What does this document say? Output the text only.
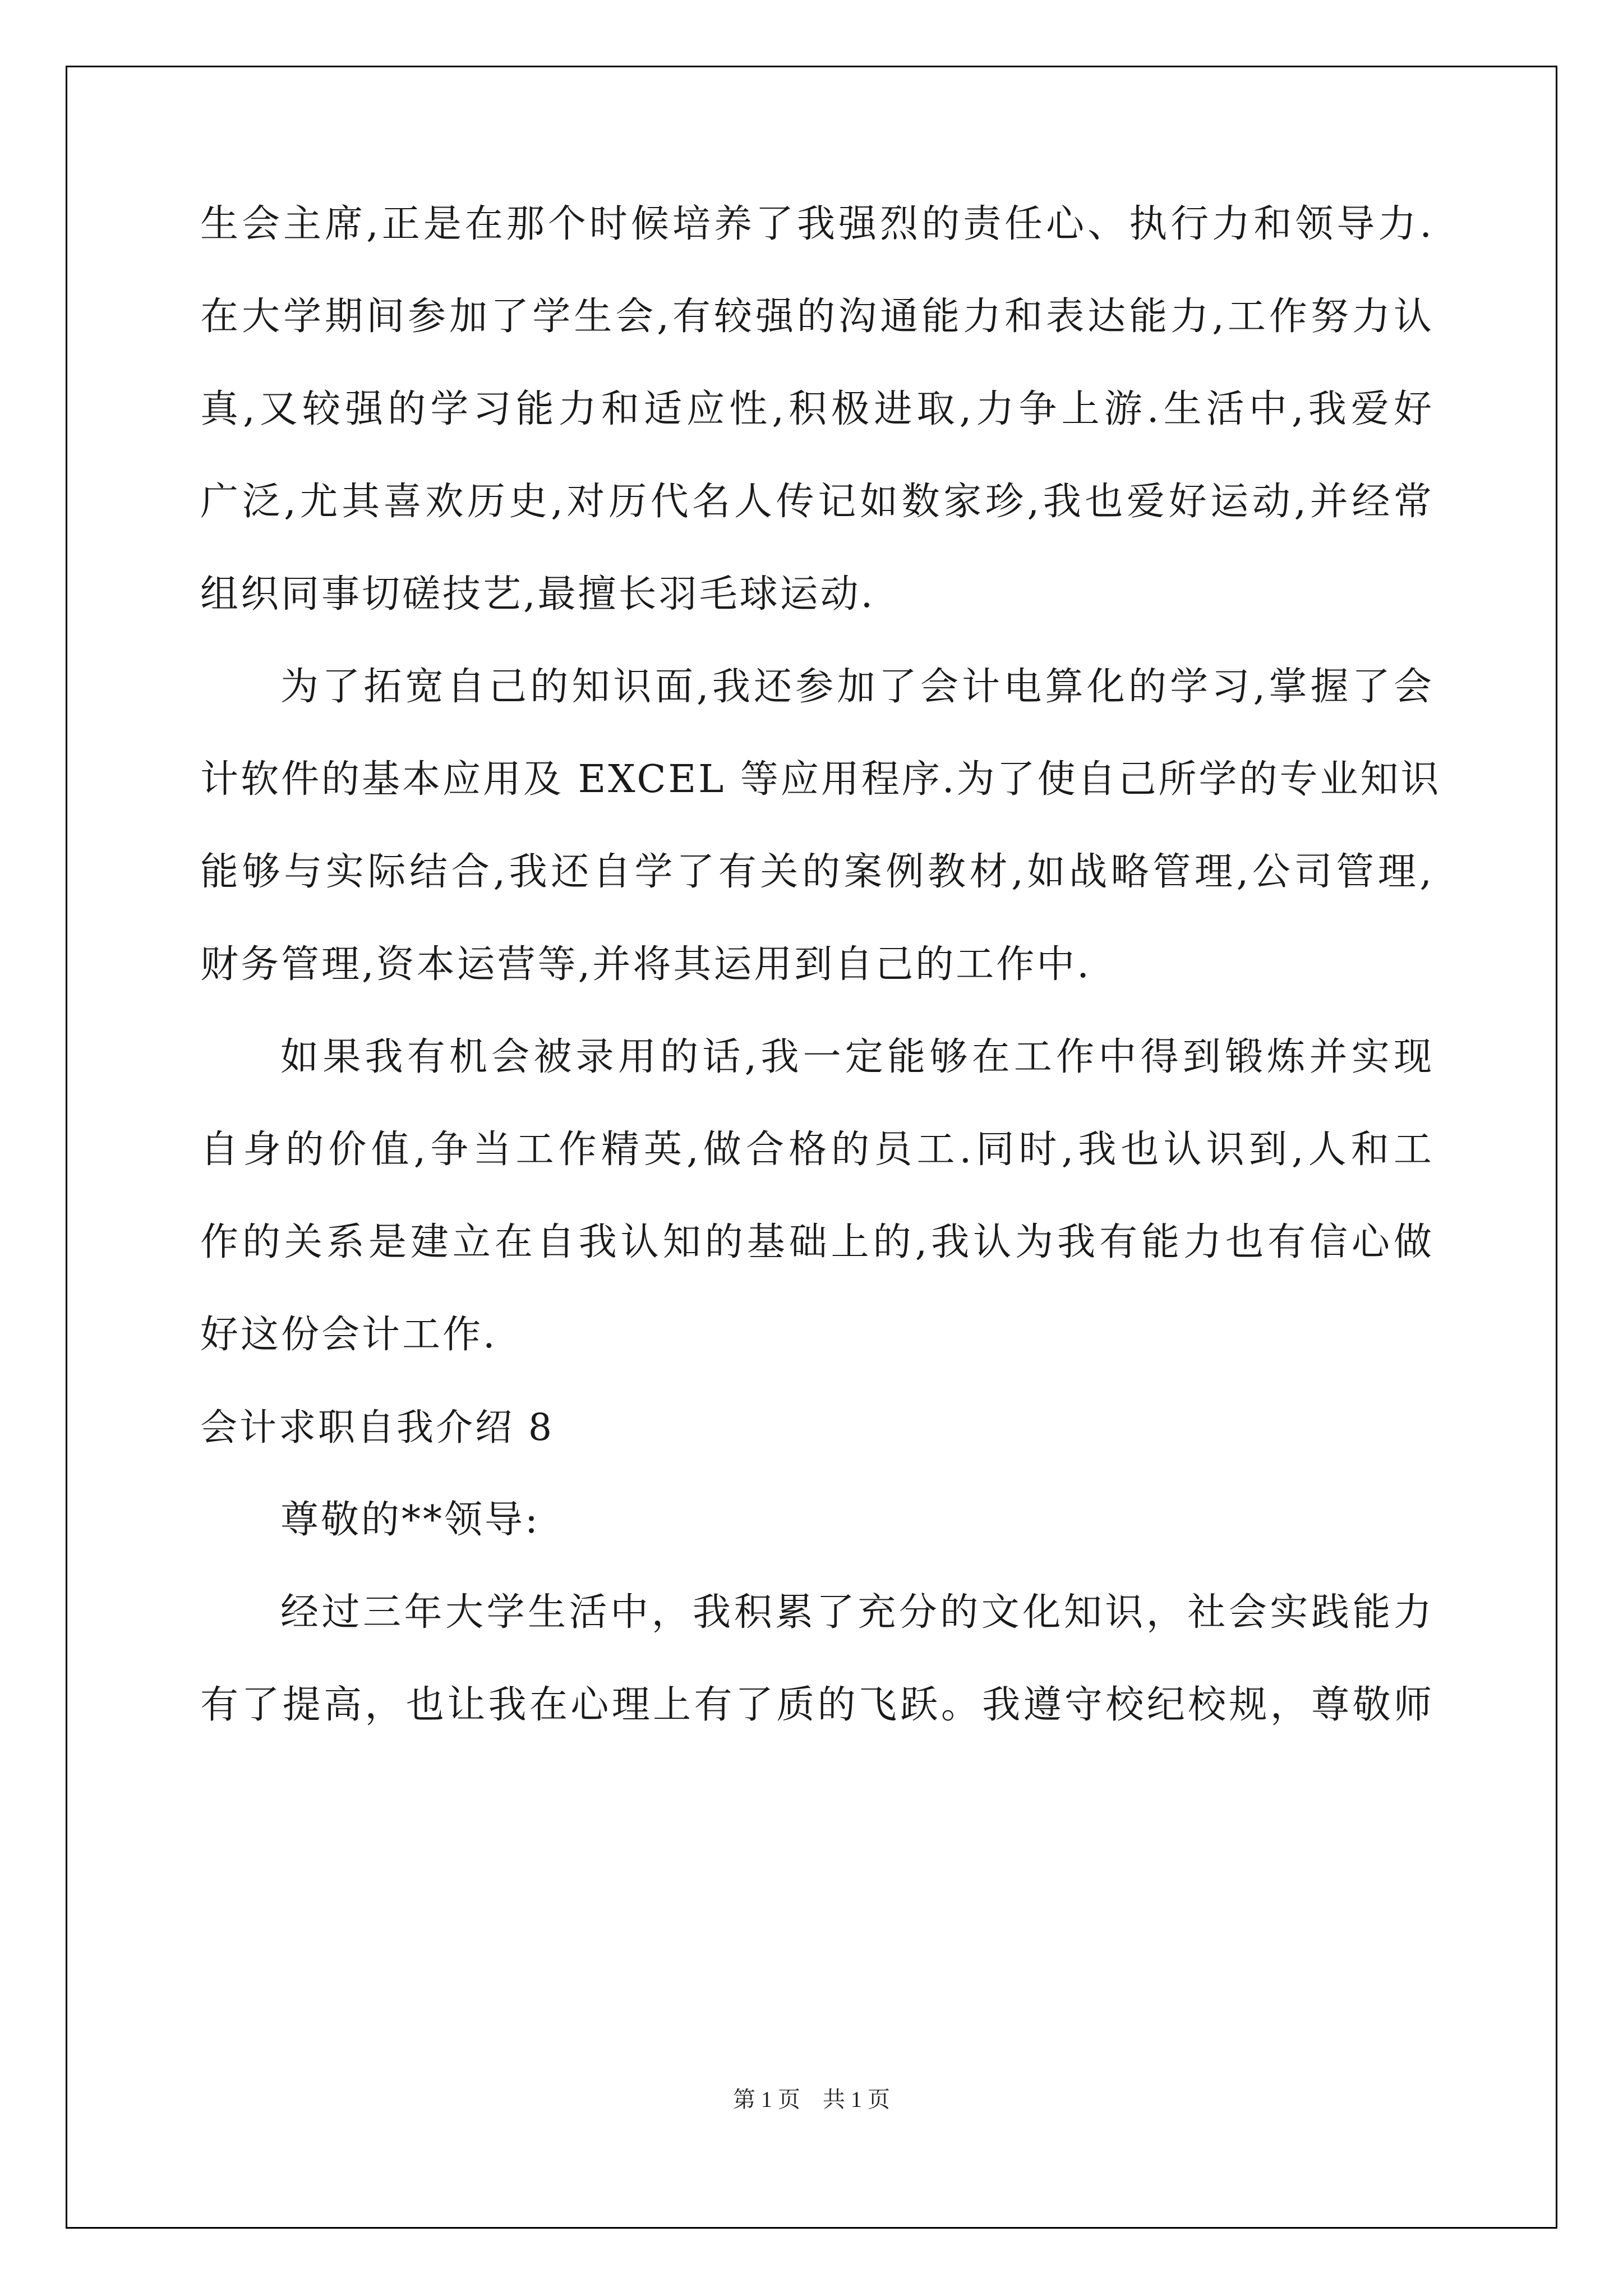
生会主席,正是在那个时候培养了我强烈的责任心、执行力和领导力.
在大学期间参加了学生会,有较强的沟通能力和表达能力,工作努力认
真,又较强的学习能力和适应性,积极进取,力争上游.生活中,我爱好
广泛,尤其喜欢历史,对历代名人传记如数家珍,我也爱好运动,并经常
组织同事切磋技艺,最擅长羽毛球运动.
为了拓宽自己的知识面,我还参加了会计电算化的学习,掌握了会
计软件的基本应用及 EXCEL 等应用程序.为了使自己所学的专业知识
能够与实际结合,我还自学了有关的案例教材,如战略管理,公司管理,
财务管理,资本运营等,并将其运用到自己的工作中.
如果我有机会被录用的话,我一定能够在工作中得到锻炼并实现
自身的价值,争当工作精英,做合格的员工.同时,我也认识到,人和工
作的关系是建立在自我认知的基础上的,我认为我有能力也有信心做
好这份会计工作.
会计求职自我介绍 8
尊敬的**领导:
经过三年大学生活中，我积累了充分的文化知识，社会实践能力
有了提高，也让我在心理上有了质的飞跃。我遵守校纪校规，尊敬师
第 1 页　共 1 页
